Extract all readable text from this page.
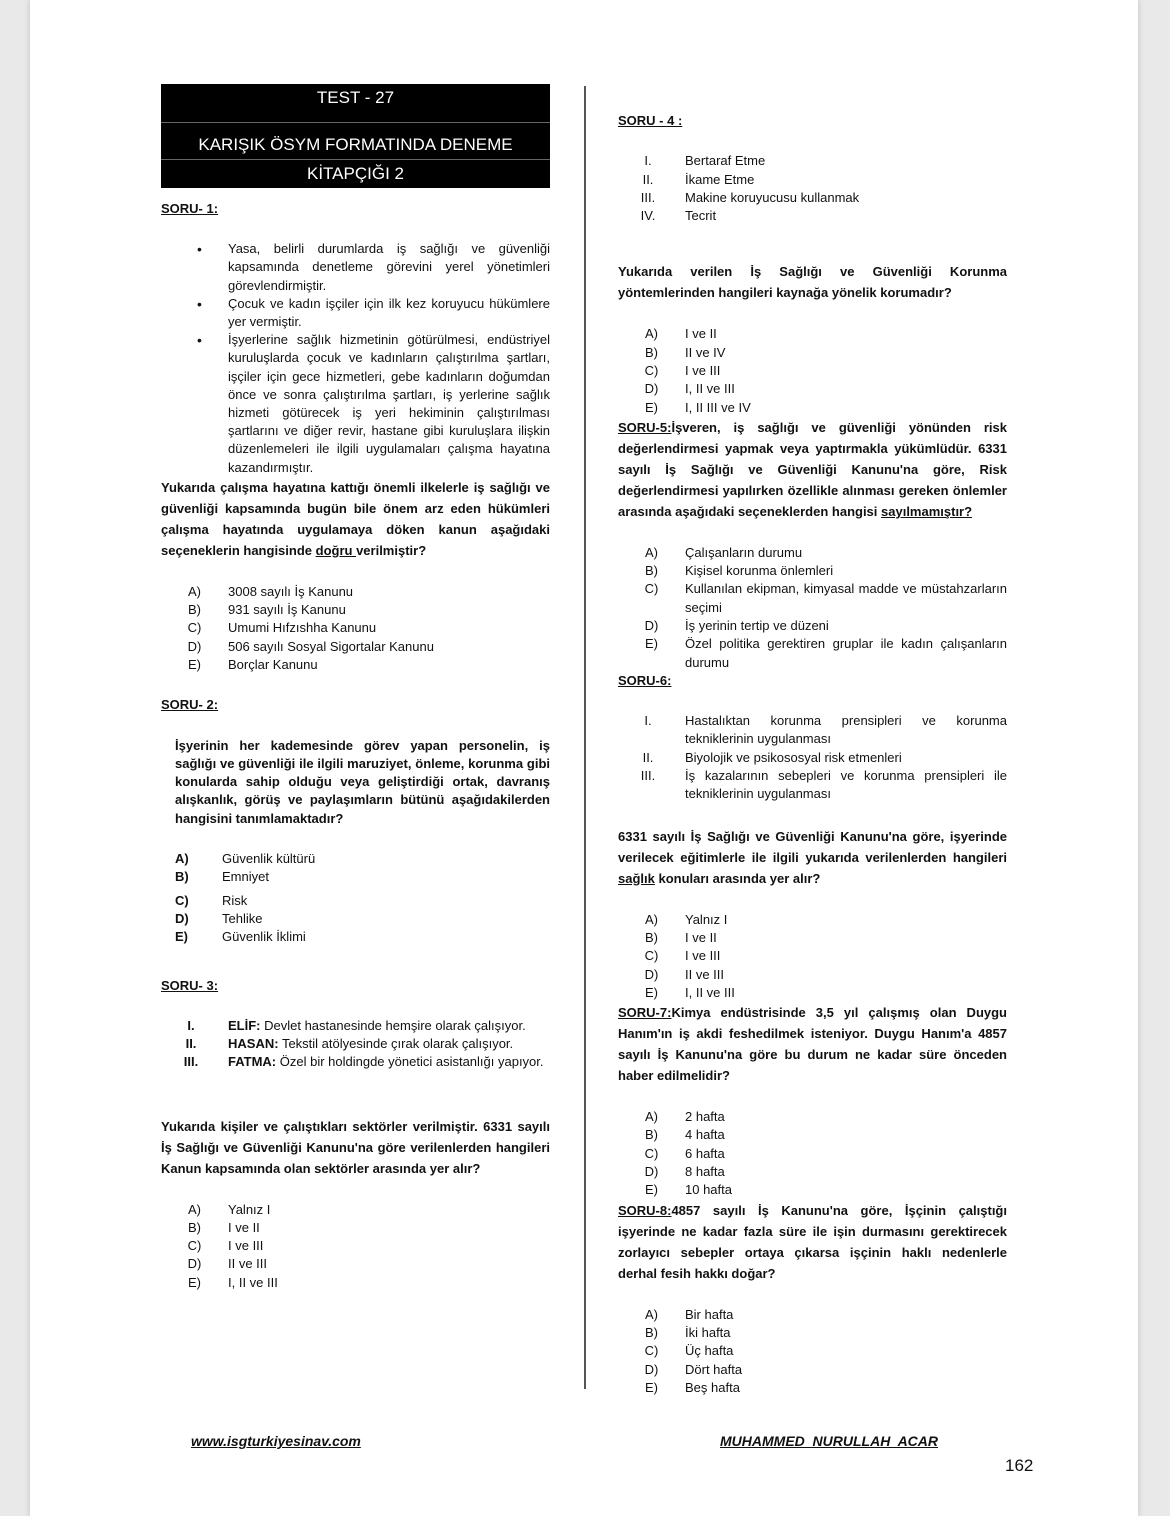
TEST - 27
KARIŞIK ÖSYM FORMATINDA DENEME
KİTAPÇIĞI 2
SORU- 1:
• Yasa, belirli durumlarda iş sağlığı ve güvenliği kapsamında denetleme görevini yerel yönetimleri görevlendirmiştir.
• Çocuk ve kadın işçiler için ilk kez koruyucu hükümlere yer vermiştir.
• İşyerlerine sağlık hizmetinin götürülmesi, endüstriyel kuruluşlarda çocuk ve kadınların çalıştırılma şartları, işçiler için gece hizmetleri, gebe kadınların doğumdan önce ve sonra çalıştırılma şartları, iş yerlerine sağlık hizmeti götürecek iş yeri hekiminin çalıştırılması şartlarını ve diğer revir, hastane gibi kuruluşlara ilişkin düzenlemeleri ile ilgili uygulamaları çalışma hayatına kazandırmıştır.
Yukarıda çalışma hayatına kattığı önemli ilkelerle iş sağlığı ve güvenliği kapsamında bugün bile önem arz eden hükümleri çalışma hayatında uygulamaya döken kanun aşağıdaki seçeneklerin hangisinde doğru verilmiştir?
A)	3008 sayılı İş Kanunu
B)	931 sayılı İş Kanunu
C)	Umumi Hıfzıshha Kanunu
D)	506 sayılı Sosyal Sigortalar Kanunu
E)	Borçlar Kanunu
SORU- 2:
İşyerinin her kademesinde görev yapan personelin, iş sağlığı ve güvenliği ile ilgili maruziyet, önleme, korunma gibi konularda sahip olduğu veya geliştirdiği ortak, davranış alışkanlık, görüş ve paylaşımların bütünü aşağıdakilerden hangisini tanımlamaktadır?
A)	Güvenlik kültürü
B)	Emniyet
C)	Risk
D)	Tehlike
E)	Güvenlik İklimi
SORU- 3:
I.	ELİF: Devlet hastanesinde hemşire olarak çalışıyor.
II.	HASAN: Tekstil atölyesinde çırak olarak çalışıyor.
III.	FATMA: Özel bir holdingde yönetici asistanlığı yapıyor.
Yukarıda kişiler ve çalıştıkları sektörler verilmiştir. 6331 sayılı İş Sağlığı ve Güvenliği Kanunu'na göre verilenlerden hangileri Kanun kapsamında olan sektörler arasında yer alır?
A)	Yalnız I
B)	I ve II
C)	I ve III
D)	II ve III
E)	I, II ve III
SORU - 4 :
I.	Bertaraf Etme
II.	İkame Etme
III.	Makine koruyucusu kullanmak
IV.	Tecrit
Yukarıda verilen İş Sağlığı ve Güvenliği Korunma yöntemlerinden hangileri kaynağa yönelik korumadır?
A)	I ve II
B)	II ve IV
C)	I ve III
D)	I, II ve III
E)	I, II III ve IV
SORU-5:İşveren, iş sağlığı ve güvenliği yönünden risk değerlendirmesi yapmak veya yaptırmakla yükümlüdür. 6331 sayılı İş Sağlığı ve Güvenliği Kanunu'na göre, Risk değerlendirmesi yapılırken özellikle alınması gereken önlemler arasında aşağıdaki seçeneklerden hangisi sayılmamıştır?
A)	Çalışanların durumu
B)	Kişisel korunma önlemleri
C)	Kullanılan ekipman, kimyasal madde ve müstahzarların seçimi
D)	İş yerinin tertip ve düzeni
E)	Özel politika gerektiren gruplar ile kadın çalışanların durumu
SORU-6:
I.	Hastalıktan korunma prensipleri ve korunma tekniklerinin uygulanması
II.	Biyolojik ve psikososyal risk etmenleri
III.	İş kazalarının sebepleri ve korunma prensipleri ile tekniklerinin uygulanması
6331 sayılı İş Sağlığı ve Güvenliği Kanunu'na göre, işyerinde verilecek eğitimlerle ile ilgili yukarıda verilenlerden hangileri sağlık konuları arasında yer alır?
A)	Yalnız I
B)	I ve II
C)	I ve III
D)	II ve III
E)	I, II ve III
SORU-7:Kimya endüstrisinde 3,5 yıl çalışmış olan Duygu Hanım'ın iş akdi feshedilmek isteniyor. Duygu Hanım'a 4857 sayılı İş Kanunu'na göre bu durum ne kadar süre önceden haber edilmelidir?
A)	2 hafta
B)	4 hafta
C)	6 hafta
D)	8 hafta
E)	10 hafta
SORU-8:4857 sayılı İş Kanunu'na göre, İşçinin çalıştığı işyerinde ne kadar fazla süre ile işin durmasını gerektirecek zorlayıcı sebepler ortaya çıkarsa işçinin haklı nedenlerle derhal fesih hakkı doğar?
A)	Bir hafta
B)	İki hafta
C)	Üç hafta
D)	Dört hafta
E)	Beş hafta
www.isgturkiyesinav.com	MUHAMMED  NURULLAH  ACAR
162
